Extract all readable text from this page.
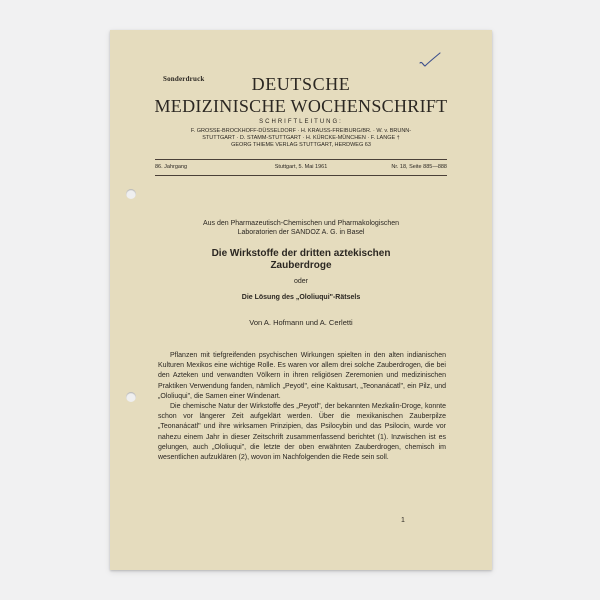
Sonderdruck	DEUTSCHE
MEDIZINISCHE WOCHENSCHRIFT
SCHRIFTLEITUNG:
F. GROSSE-BROCKHOFF-DÜSSELDORF · H. KRAUSS-FREIBURG/BR. · W. v. BRUNN-
STUTTGART · D. STAMM-STUTTGART · H. KÜRCKE-MÜNCHEN · F. LANGE †
GEORG THIEME VERLAG STUTTGART, HERDWEG 63
86. Jahrgang	Stuttgart, 5. Mai 1961	Nr. 18, Seite 885—888
Aus den Pharmazeutisch-Chemischen und Pharmakologischen
Laboratorien der SANDOZ A. G. in Basel
Die Wirkstoffe der dritten aztekischen
Zauberdroge
oder
Die Lösung des „Ololiuqui"-Rätsels
Von A. Hofmann und A. Cerletti

Pflanzen mit tiefgreifenden psychischen Wirkungen spielten in den alten indianischen Kulturen Mexikos eine wichtige Rolle. Es waren vor allem drei solche Zauberdrogen, die bei den Azteken und verwandten Völkern in ihren religiösen Zeremonien und medizinischen Praktiken Verwendung fanden, nämlich „Peyotl", eine Kaktusart, „Teonanácatl", ein Pilz, und „Ololiuqui", die Samen einer Windenart.

Die chemische Natur der Wirkstoffe des „Peyotl", der bekannten Mezkalin-Droge, konnte schon vor längerer Zeit aufgeklärt werden. Über die mexikanischen Zauberpilze „Teonanácatl" und ihre wirksamen Prinzipien, das Psilocybin und das Psilocin, wurde vor nahezu einem Jahr in dieser Zeitschrift zusammenfassend berichtet (1). Inzwischen ist es gelungen, auch „Ololiuqui", die letzte der oben erwähnten Zauberdrogen, chemisch im wesentlichen aufzuklären (2), wovon im Nachfolgenden die Rede sein soll.

1
